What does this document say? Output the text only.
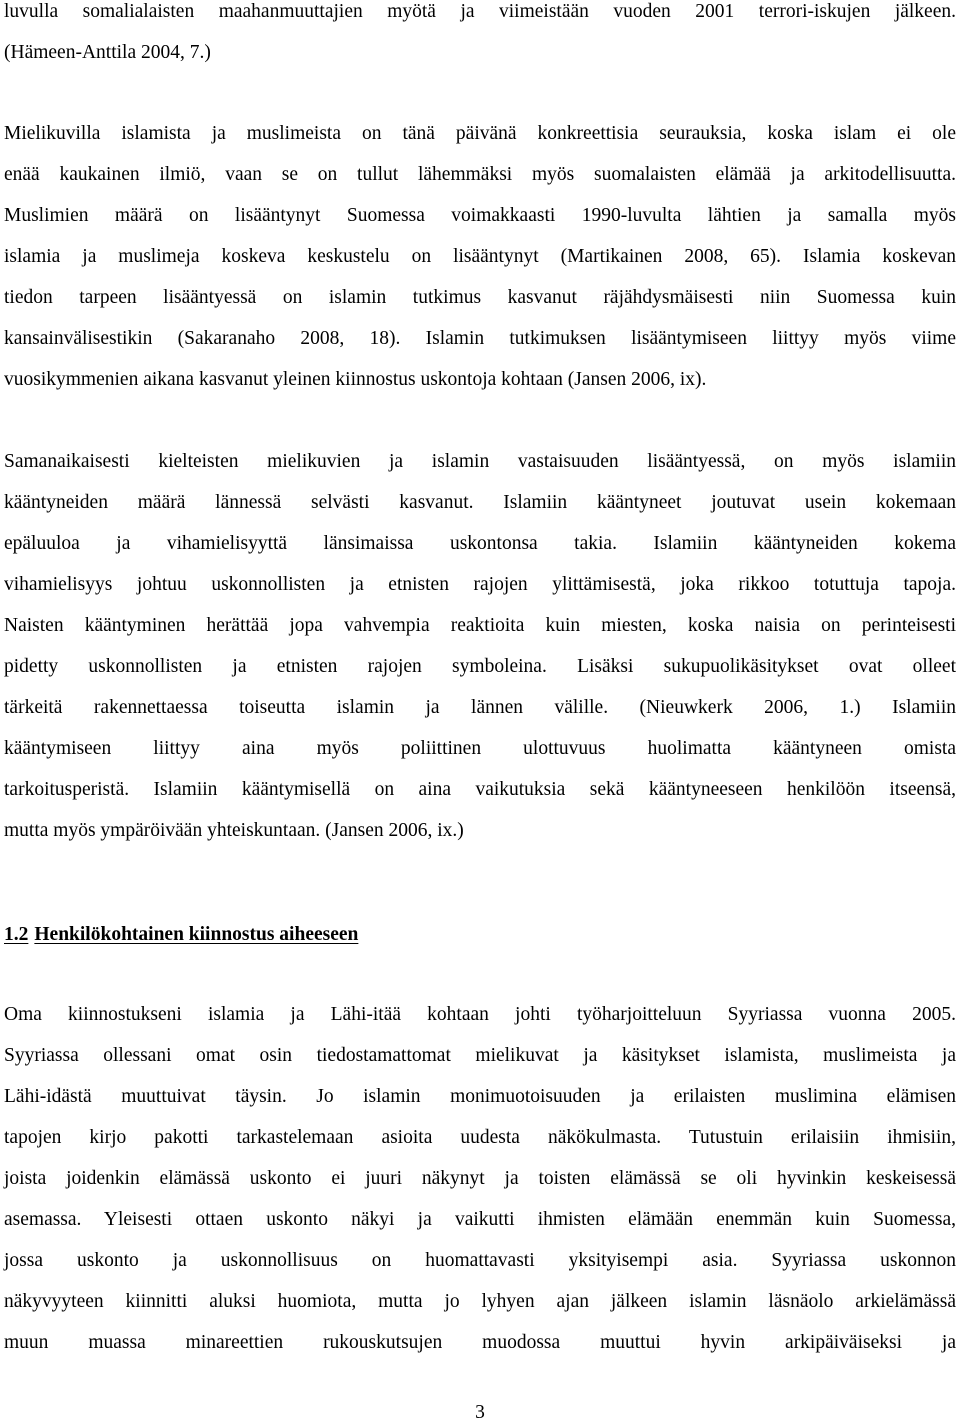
luvulla somalialaisten maahanmuuttajien myötä ja viimeistään vuoden 2001 terrori-iskujen jälkeen.

(Hämeen-Anttila 2004, 7.)

Mielikuvilla islamista ja muslimeista on tänä päivänä konkreettisia seurauksia, koska islam ei ole

enää kaukainen ilmiö, vaan se on tullut lähemmäksi myös suomalaisten elämää ja arkitodellisuutta.

Muslimien määrä on lisääntynyt Suomessa voimakkaasti 1990-luvulta lähtien ja samalla myös

islamia ja muslimeja koskeva keskustelu on lisääntynyt (Martikainen 2008, 65). Islamia koskevan

tiedon tarpeen lisääntyessä on islamin tutkimus kasvanut räjähdysmäisesti niin Suomessa kuin

kansainvälisestikin (Sakaranaho 2008, 18). Islamin tutkimuksen lisääntymiseen liittyy myös viime

vuosikymmenien aikana kasvanut yleinen kiinnostus uskontoja kohtaan (Jansen 2006, ix).

Samanaikaisesti kielteisten mielikuvien ja islamin vastaisuuden lisääntyessä, on myös islamiin

kääntyneiden määrä lännessä selvästi kasvanut. Islamiin kääntyneet joutuvat usein kokemaan

epäluuloa ja vihamielisyyttä länsimaissa uskontonsa takia. Islamiin kääntyneiden kokema

vihamielisyys johtuu uskonnollisten ja etnisten rajojen ylittämisestä, joka rikkoo totuttuja tapoja.

Naisten kääntyminen herättää jopa vahvempia reaktioita kuin miesten, koska naisia on perinteisesti

pidetty uskonnollisten ja etnisten rajojen symboleina. Lisäksi sukupuolikäsitykset ovat olleet

tärkeitä rakennettaessa toiseutta islamin ja lännen välille. (Nieuwkerk 2006, 1.) Islamiin

kääntymiseen liittyy aina myös poliittinen ulottuvuus huolimatta kääntyneen omista

tarkoitusperistä. Islamiin kääntymisellä on aina vaikutuksia sekä kääntyneeseen henkilöön itseensä,

mutta myös ympäröivään yhteiskuntaan. (Jansen 2006, ix.)

1.2 Henkilökohtainen kiinnostus aiheeseen

Oma kiinnostukseni islamia ja Lähi-itää kohtaan johti työharjoitteluun Syyriassa vuonna 2005.

Syyriassa ollessani omat osin tiedostamattomat mielikuvat ja käsitykset islamista, muslimeista ja

Lähi-idästä muuttuivat täysin. Jo islamin monimuotoisuuden ja erilaisten muslimina elämisen

tapojen kirjo pakotti tarkastelemaan asioita uudesta näkökulmasta. Tutustuin erilaisiin ihmisiin,

joista joidenkin elämässä uskonto ei juuri näkynyt ja toisten elämässä se oli hyvinkin keskeisessä

asemassa. Yleisesti ottaen uskonto näkyi ja vaikutti ihmisten elämään enemmän kuin Suomessa,

jossa uskonto ja uskonnollisuus on huomattavasti yksityisempi asia. Syyriassa uskonnon

näkyvyyteen kiinnitti aluksi huomiota, mutta jo lyhyen ajan jälkeen islamin läsnäolo arkielämässä

muun muassa minareettien rukouskutsujen muodossa muuttui hyvin arkipäiväiseksi ja

3
